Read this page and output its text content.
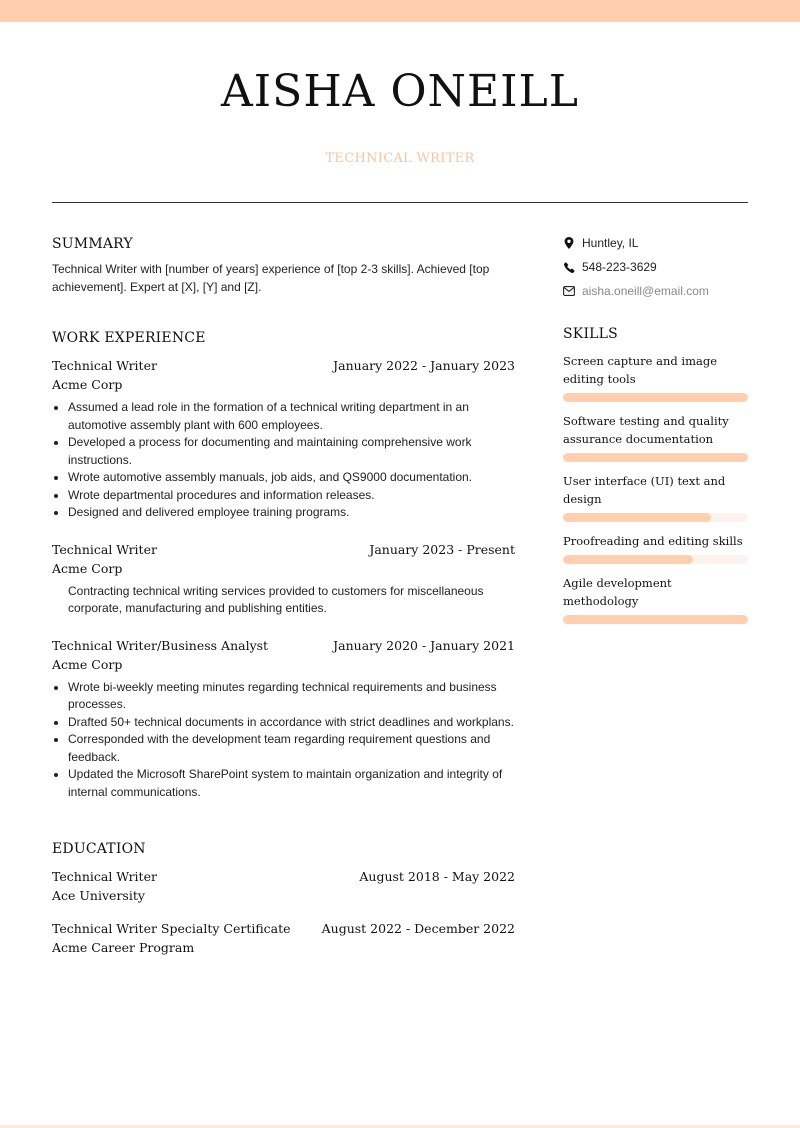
AISHA ONEILL
TECHNICAL WRITER
SUMMARY
Technical Writer with [number of years] experience of [top 2-3 skills]. Achieved [top achievement]. Expert at [X], [Y] and [Z].
WORK EXPERIENCE
Technical Writer	January 2022 - January 2023
Acme Corp
• Assumed a lead role in the formation of a technical writing department in an automotive assembly plant with 600 employees.
• Developed a process for documenting and maintaining comprehensive work instructions.
• Wrote automotive assembly manuals, job aids, and QS9000 documentation.
• Wrote departmental procedures and information releases.
• Designed and delivered employee training programs.
Technical Writer	January 2023 - Present
Acme Corp
Contracting technical writing services provided to customers for miscellaneous corporate, manufacturing and publishing entities.
Technical Writer/Business Analyst	January 2020 - January 2021
Acme Corp
• Wrote bi-weekly meeting minutes regarding technical requirements and business processes.
• Drafted 50+ technical documents in accordance with strict deadlines and workplans.
• Corresponded with the development team regarding requirement questions and feedback.
• Updated the Microsoft SharePoint system to maintain organization and integrity of internal communications.
EDUCATION
Technical Writer	August 2018 - May 2022
Ace University
Technical Writer Specialty Certificate August 2022 - December 2022
Acme Career Program
Huntley, IL
548-223-3629
aisha.oneill@email.com
SKILLS
Screen capture and image editing tools
Software testing and quality assurance documentation
User interface (UI) text and design
Proofreading and editing skills
Agile development methodology
